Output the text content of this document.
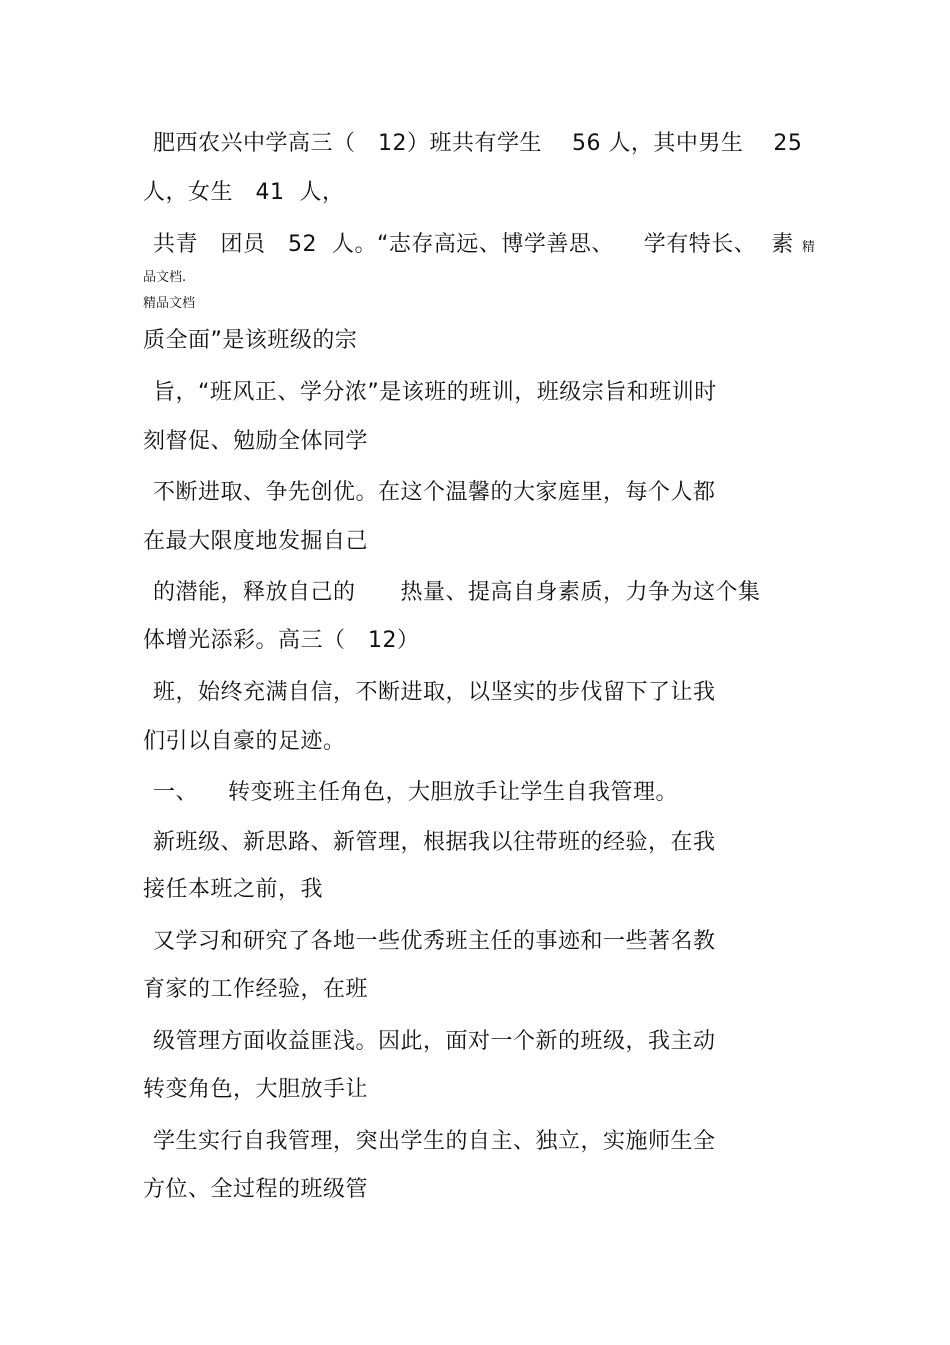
肥西农兴中学高三（   12）班共有学生    56 人，其中男生    25
人，女生   41  人，
共青   团员   52  人。“志存高远、博学善思、    学有特长、  素 精
品文档.
精品文档
质全面”是该班级的宗
旨，“班风正、学分浓”是该班的班训，班级宗旨和班训时
刻督促、勉励全体同学
不断进取、争先创优。在这个温馨的大家庭里，每个人都
在最大限度地发掘自己
的潜能，释放自己的      热量、提高自身素质，力争为这个集
体增光添彩。高三（   12）
班，始终充满自信，不断进取，以坚实的步伐留下了让我
们引以自豪的足迹。
一、    转变班主任角色，大胆放手让学生自我管理。
新班级、新思路、新管理，根据我以往带班的经验，在我
接任本班之前，我
又学习和研究了各地一些优秀班主任的事迹和一些著名教
育家的工作经验，在班
级管理方面收益匪浅。因此，面对一个新的班级，我主动
转变角色，大胆放手让
学生实行自我管理，突出学生的自主、独立，实施师生全
方位、全过程的班级管
